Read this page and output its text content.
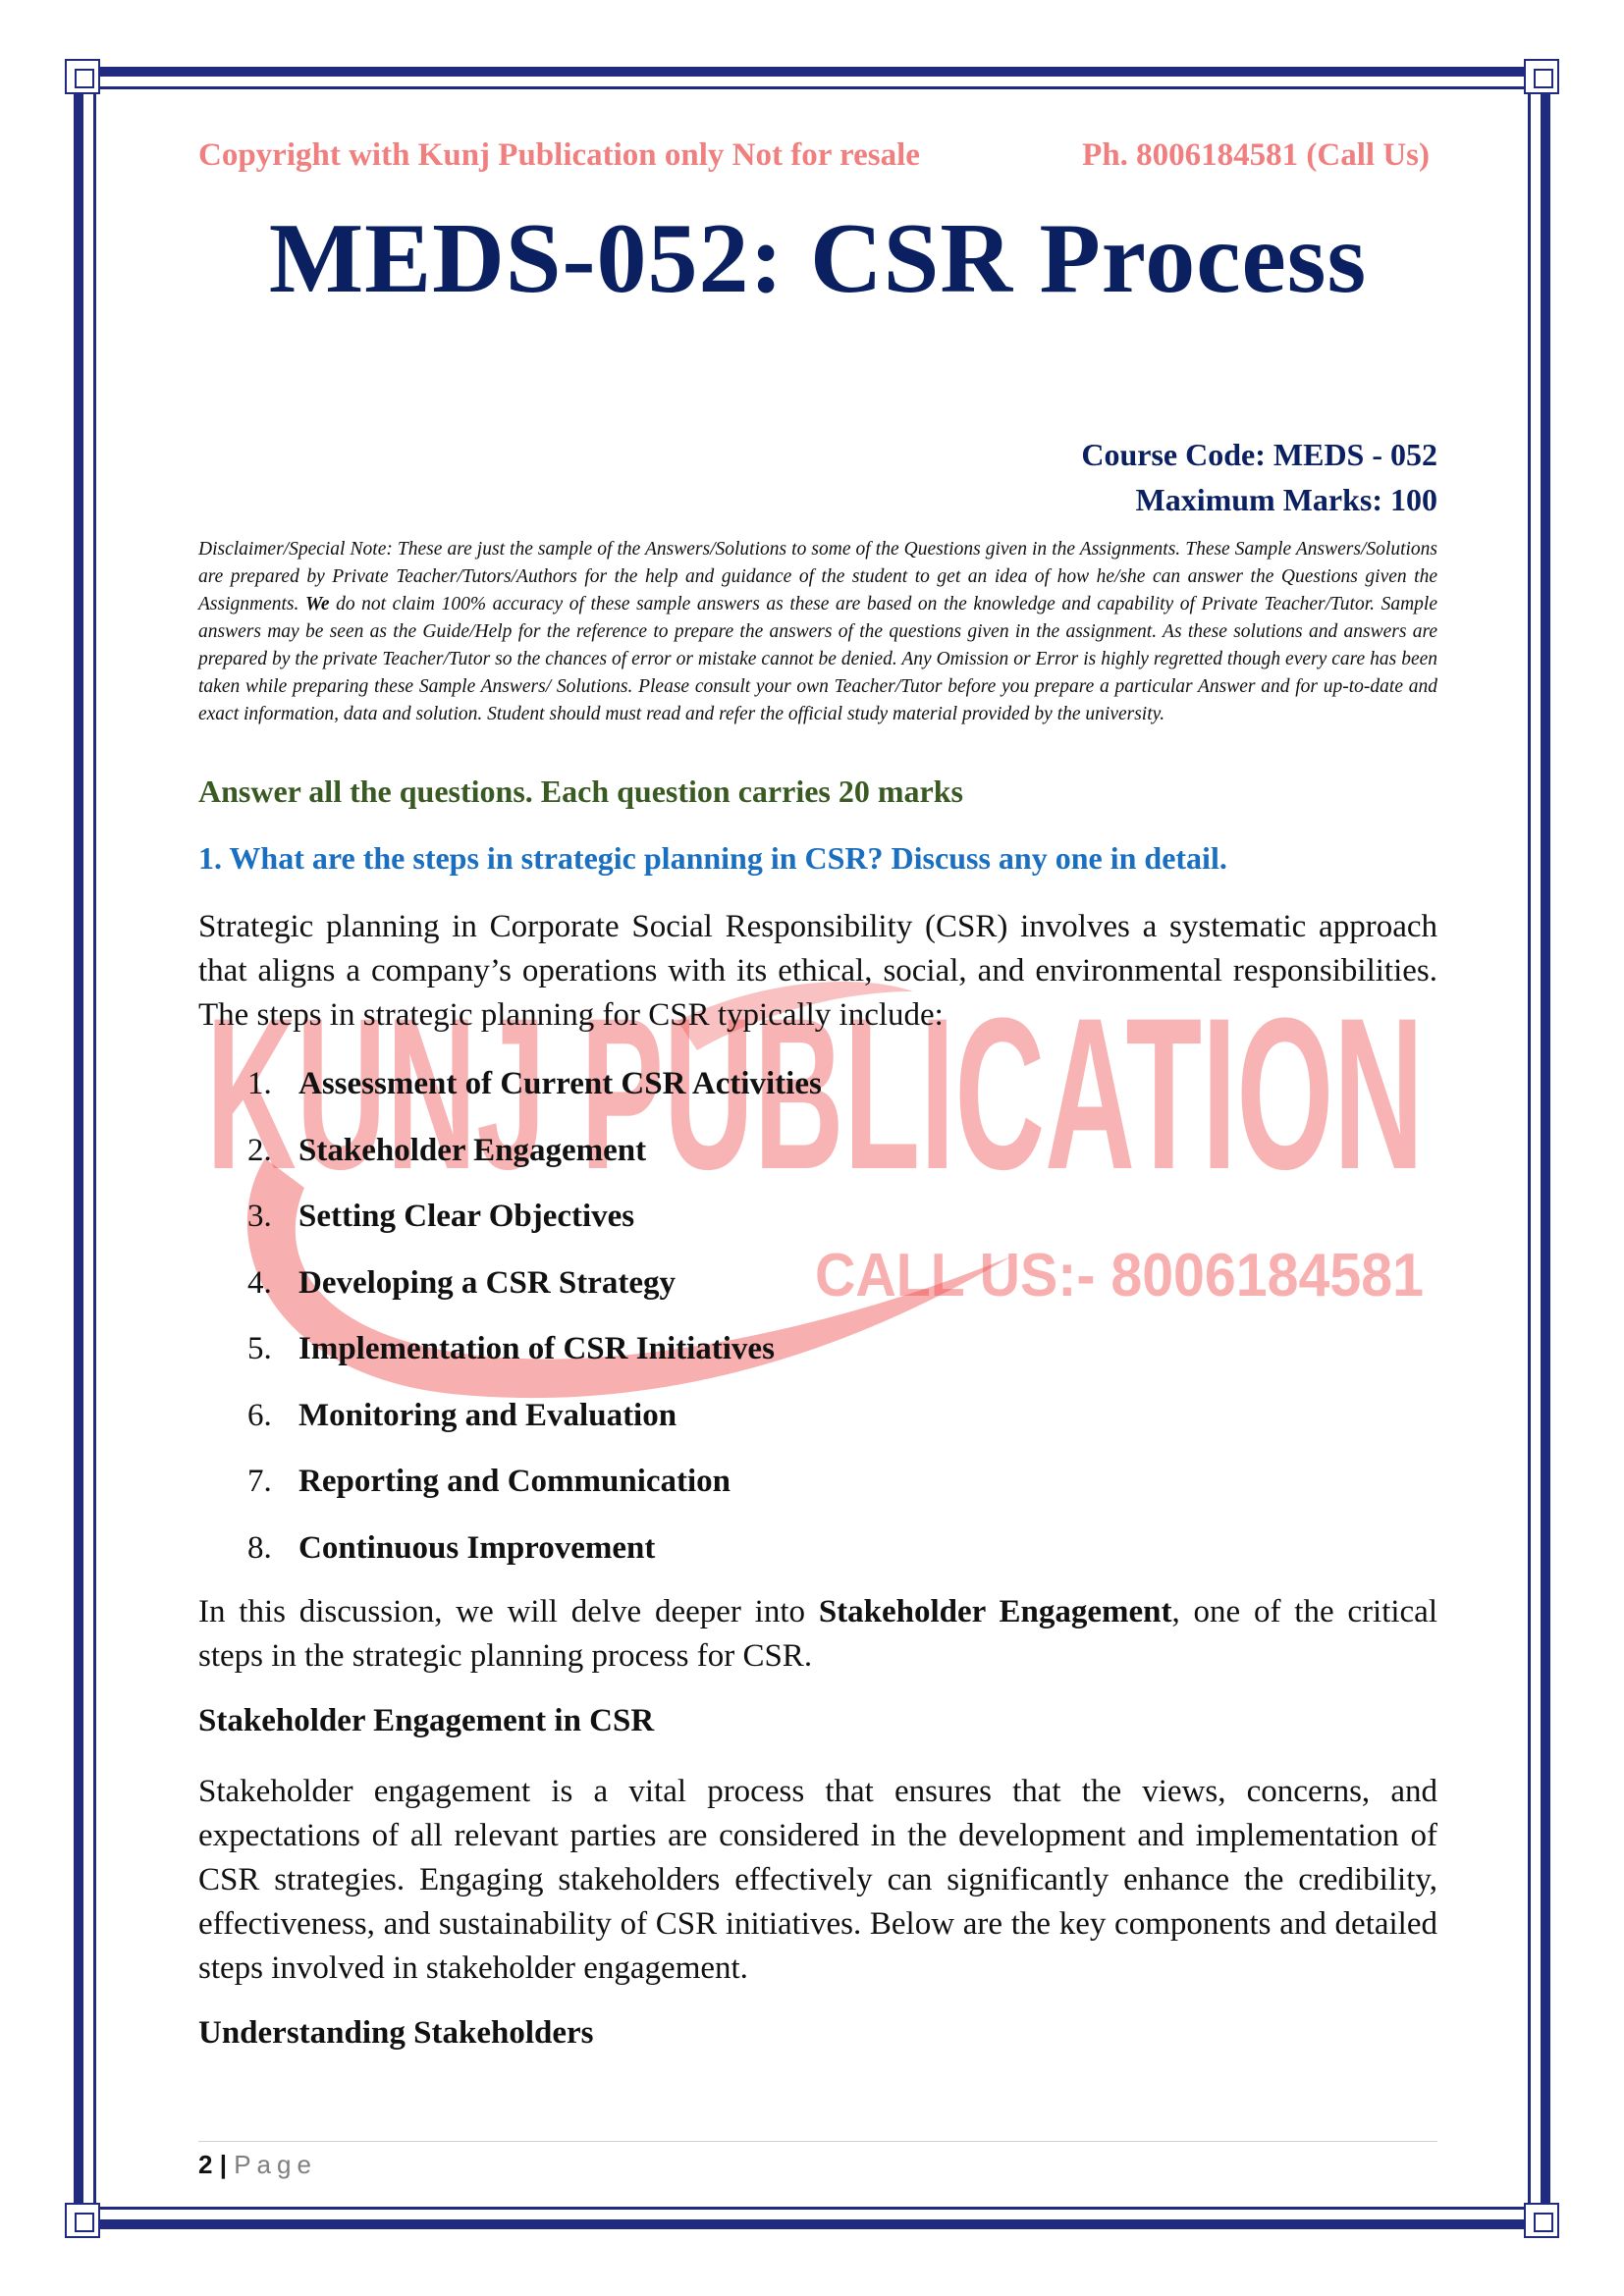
KUNJ PUBLICATION
CALL US:- 8006184581
Copyright with Kunj Publication only Not for resale	Ph. 8006184581 (Call Us)
MEDS-052: CSR Process
Course Code: MEDS - 052
Maximum Marks: 100
Disclaimer/Special Note: These are just the sample of the Answers/Solutions to some of the Questions given in the Assignments. These Sample Answers/Solutions are prepared by Private Teacher/Tutors/Authors for the help and guidance of the student to get an idea of how he/she can answer the Questions given the Assignments. We do not claim 100% accuracy of these sample answers as these are based on the knowledge and capability of Private Teacher/Tutor. Sample answers may be seen as the Guide/Help for the reference to prepare the answers of the questions given in the assignment. As these solutions and answers are prepared by the private Teacher/Tutor so the chances of error or mistake cannot be denied. Any Omission or Error is highly regretted though every care has been taken while preparing these Sample Answers/ Solutions. Please consult your own Teacher/Tutor before you prepare a particular Answer and for up-to-date and exact information, data and solution. Student should must read and refer the official study material provided by the university.
Answer all the questions. Each question carries 20 marks
1. What are the steps in strategic planning in CSR? Discuss any one in detail.
Strategic planning in Corporate Social Responsibility (CSR) involves a systematic approach that aligns a company’s operations with its ethical, social, and environmental responsibilities. The steps in strategic planning for CSR typically include:
1. Assessment of Current CSR Activities
2. Stakeholder Engagement
3. Setting Clear Objectives
4. Developing a CSR Strategy
5. Implementation of CSR Initiatives
6. Monitoring and Evaluation
7. Reporting and Communication
8. Continuous Improvement
In this discussion, we will delve deeper into Stakeholder Engagement, one of the critical steps in the strategic planning process for CSR.
Stakeholder Engagement in CSR
Stakeholder engagement is a vital process that ensures that the views, concerns, and expectations of all relevant parties are considered in the development and implementation of CSR strategies. Engaging stakeholders effectively can significantly enhance the credibility, effectiveness, and sustainability of CSR initiatives. Below are the key components and detailed steps involved in stakeholder engagement.
Understanding Stakeholders
2 | Page
